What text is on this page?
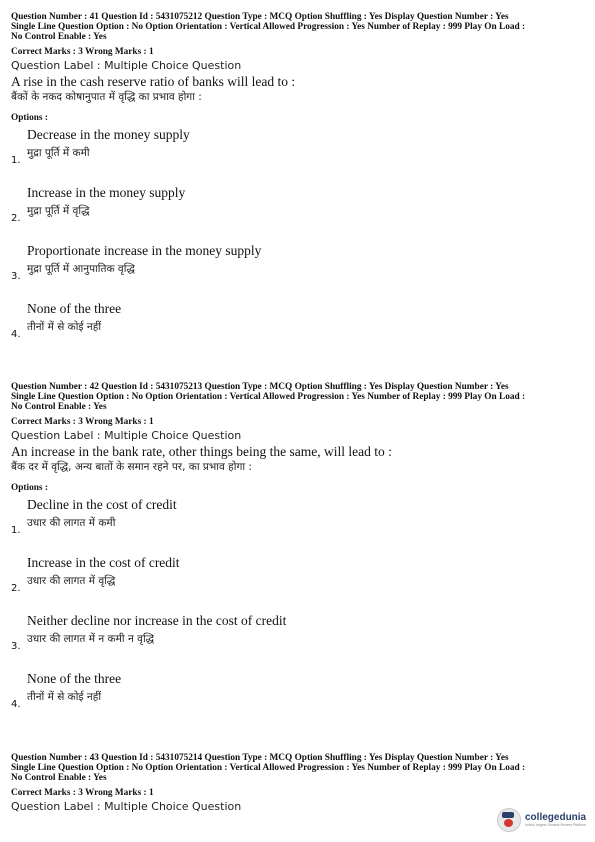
Question Number : 41 Question Id : 5431075212 Question Type : MCQ Option Shuffling : Yes Display Question Number : Yes
Single Line Question Option : No Option Orientation : Vertical Allowed Progression : Yes Number of Replay : 999 Play On Load :
No Control Enable : Yes
Correct Marks : 3 Wrong Marks : 1
Question Label : Multiple Choice Question
A rise in the cash reserve ratio of banks will lead to :
बैंकों के नकद कोषानुपात में वृद्धि का प्रभाव होगा :
Options :
Decrease in the money supply
मुद्रा पूर्ति में कमी
1.
Increase in the money supply
मुद्रा पूर्ति में वृद्धि
2.
Proportionate increase in the money supply
मुद्रा पूर्ति में आनुपातिक वृद्धि
3.
None of the three
तीनों में से कोई नहीं
4.
Question Number : 42 Question Id : 5431075213 Question Type : MCQ Option Shuffling : Yes Display Question Number : Yes
Single Line Question Option : No Option Orientation : Vertical Allowed Progression : Yes Number of Replay : 999 Play On Load :
No Control Enable : Yes
Correct Marks : 3 Wrong Marks : 1
Question Label : Multiple Choice Question
An increase in the bank rate, other things being the same, will lead to :
बैंक दर में वृद्धि, अन्य बातों के समान रहने पर, का प्रभाव होगा :
Options :
Decline in the cost of credit
उधार की लागत में कमी
1.
Increase in the cost of credit
उधार की लागत में वृद्धि
2.
Neither decline nor increase in the cost of credit
उधार की लागत में न कमी न वृद्धि
3.
None of the three
तीनों में से कोई नहीं
4.
Question Number : 43 Question Id : 5431075214 Question Type : MCQ Option Shuffling : Yes Display Question Number : Yes
Single Line Question Option : No Option Orientation : Vertical Allowed Progression : Yes Number of Replay : 999 Play On Load :
No Control Enable : Yes
Correct Marks : 3 Wrong Marks : 1
Question Label : Multiple Choice Question
collegedunia
India's largest Student Review Platform
